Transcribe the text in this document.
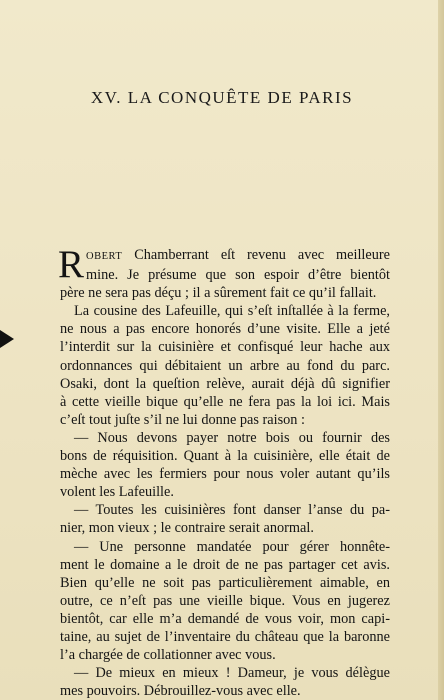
XV. LA CONQUÊTE DE PARIS
R OBERT Chamberrant eſt revenu avec meilleure
mine. Je présume que son espoir d’être bientôt
père ne sera pas déçu ; il a sûrement fait ce qu’il fallait.
La cousine des Lafeuille, qui s’eſt inſtallée à la ferme,
ne nous a pas encore honorés d’une visite. Elle a jeté
l’interdit sur la cuisinière et confisqué leur hache aux
ordonnances qui débitaient un arbre au fond du parc.
Osaki, dont la queſtion relève, aurait déjà dû signifier
à cette vieille bique qu’elle ne fera pas la loi ici. Mais
c’eſt tout juſte s’il ne lui donne pas raison :
— Nous devons payer notre bois ou fournir des
bons de réquisition. Quant à la cuisinière, elle était de
mèche avec les fermiers pour nous voler autant qu’ils
volent les Lafeuille.
— Toutes les cuisinières font danser l’anse du pa-
nier, mon vieux ; le contraire serait anormal.
— Une personne mandatée pour gérer honnête-
ment le domaine a le droit de ne pas partager cet avis.
Bien qu’elle ne soit pas particulièrement aimable, en
outre, ce n’eſt pas une vieille bique. Vous en jugerez
bientôt, car elle m’a demandé de vous voir, mon capi-
taine, au sujet de l’inventaire du château que la baronne
l’a chargée de collationner avec vous.
— De mieux en mieux ! Dameur, je vous délègue
mes pouvoirs. Débrouillez-vous avec elle.
